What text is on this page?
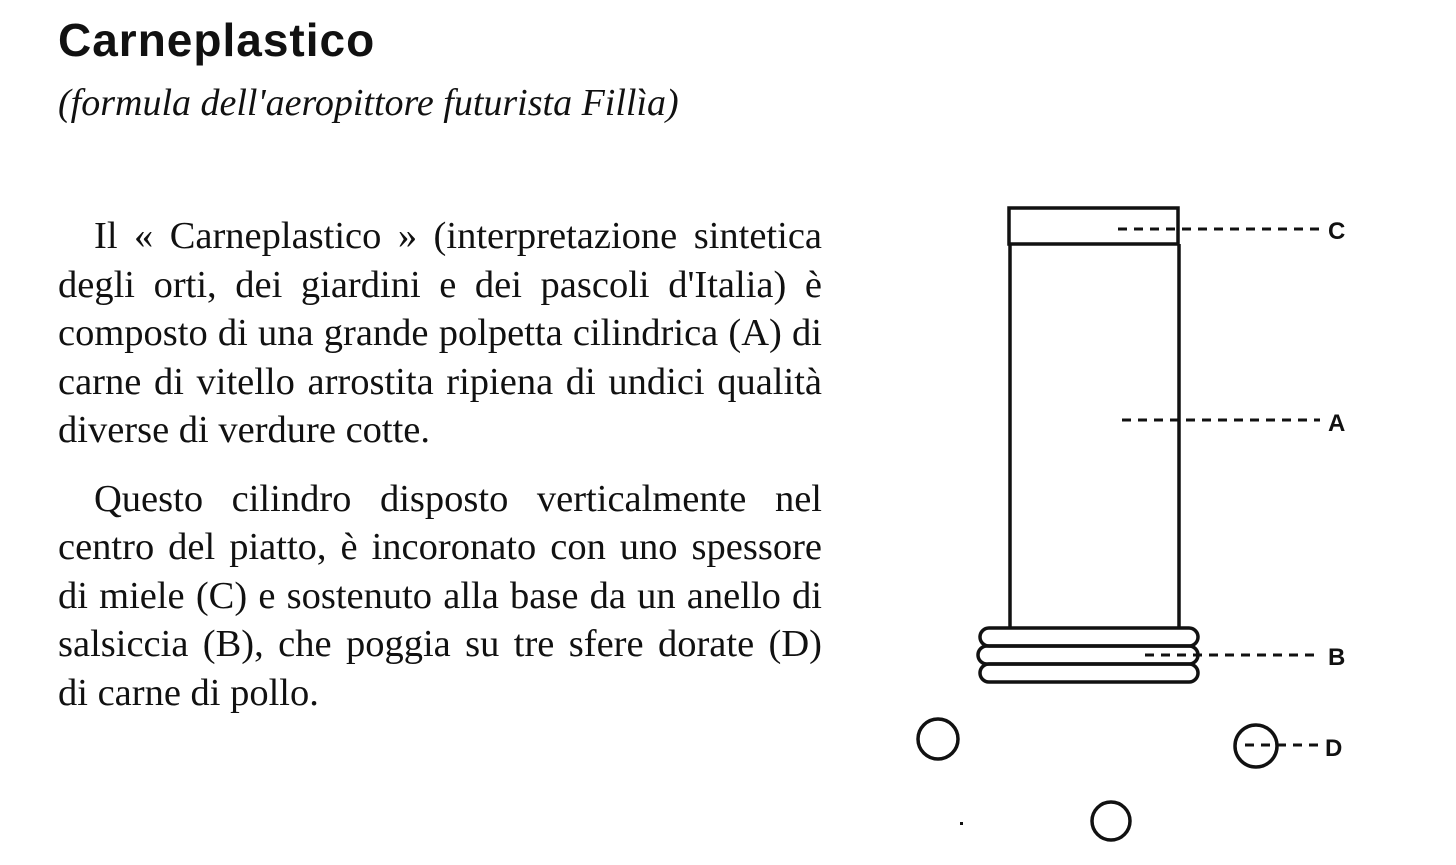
Carneplastico
(formula dell'aeropittore futurista Fillìa)

Il « Carneplastico » (interpretazione sintetica degli orti, dei giardini e dei pascoli d'Italia) è composto di una grande polpetta cilindrica (A) di carne di vitello arrostita ripiena di undici qualità diverse di verdure cotte.

Questo cilindro disposto verticalmente nel centro del piatto, è incoronato con uno spessore di miele (C) e sostenuto alla base da un anello di salsiccia (B), che poggia su tre sfere dorate (D) di carne di pollo.

C
A
B
D
